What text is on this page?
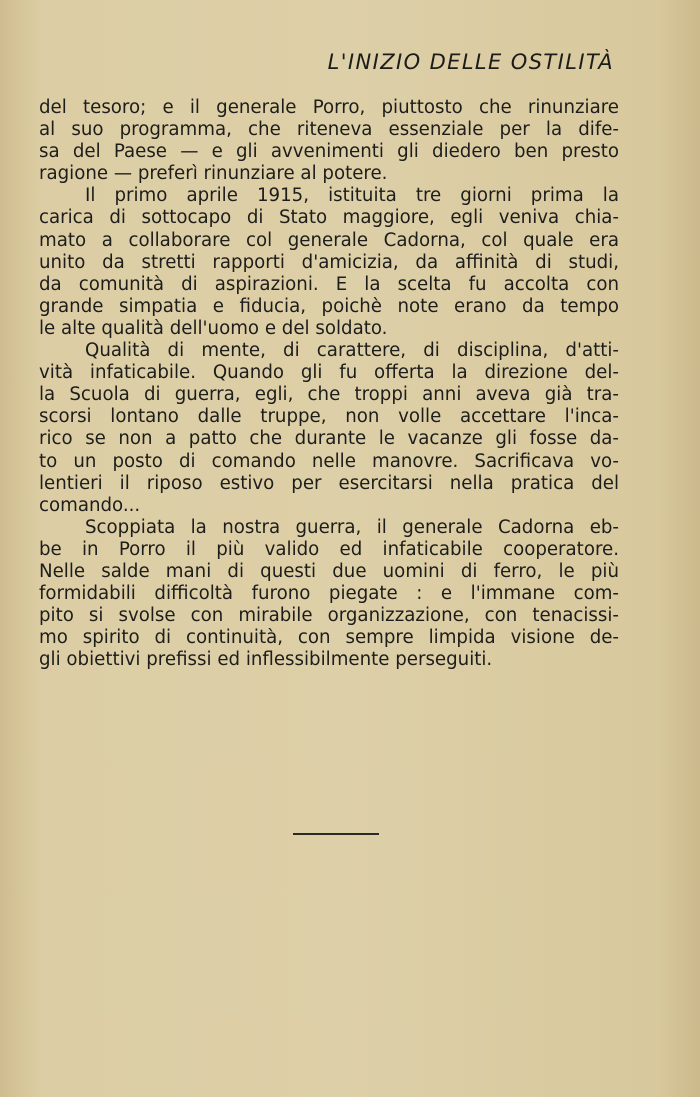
L'INIZIO DELLE OSTILITÀ
del tesoro; e il generale Porro, piuttosto che rinunziare
al suo programma, che riteneva essenziale per la dife-
sa del Paese — e gli avvenimenti gli diedero ben presto
ragione — preferì rinunziare al potere.
Il primo aprile 1915, istituita tre giorni prima la
carica di sottocapo di Stato maggiore, egli veniva chia-
mato a collaborare col generale Cadorna, col quale era
unito da stretti rapporti d'amicizia, da affinità di studi,
da comunità di aspirazioni. E la scelta fu accolta con
grande simpatia e fiducia, poichè note erano da tempo
le alte qualità dell'uomo e del soldato.
Qualità di mente, di carattere, di disciplina, d'atti-
vità infaticabile. Quando gli fu offerta la direzione del-
la Scuola di guerra, egli, che troppi anni aveva già tra-
scorsi lontano dalle truppe, non volle accettare l'inca-
rico se non a patto che durante le vacanze gli fosse da-
to un posto di comando nelle manovre. Sacrificava vo-
lentieri il riposo estivo per esercitarsi nella pratica del
comando...
Scoppiata la nostra guerra, il generale Cadorna eb-
be in Porro il più valido ed infaticabile cooperatore.
Nelle salde mani di questi due uomini di ferro, le più
formidabili difficoltà furono piegate : e l'immane com-
pito si svolse con mirabile organizzazione, con tenacissi-
mo spirito di continuità, con sempre limpida visione de-
gli obiettivi prefissi ed inflessibilmente perseguiti.
